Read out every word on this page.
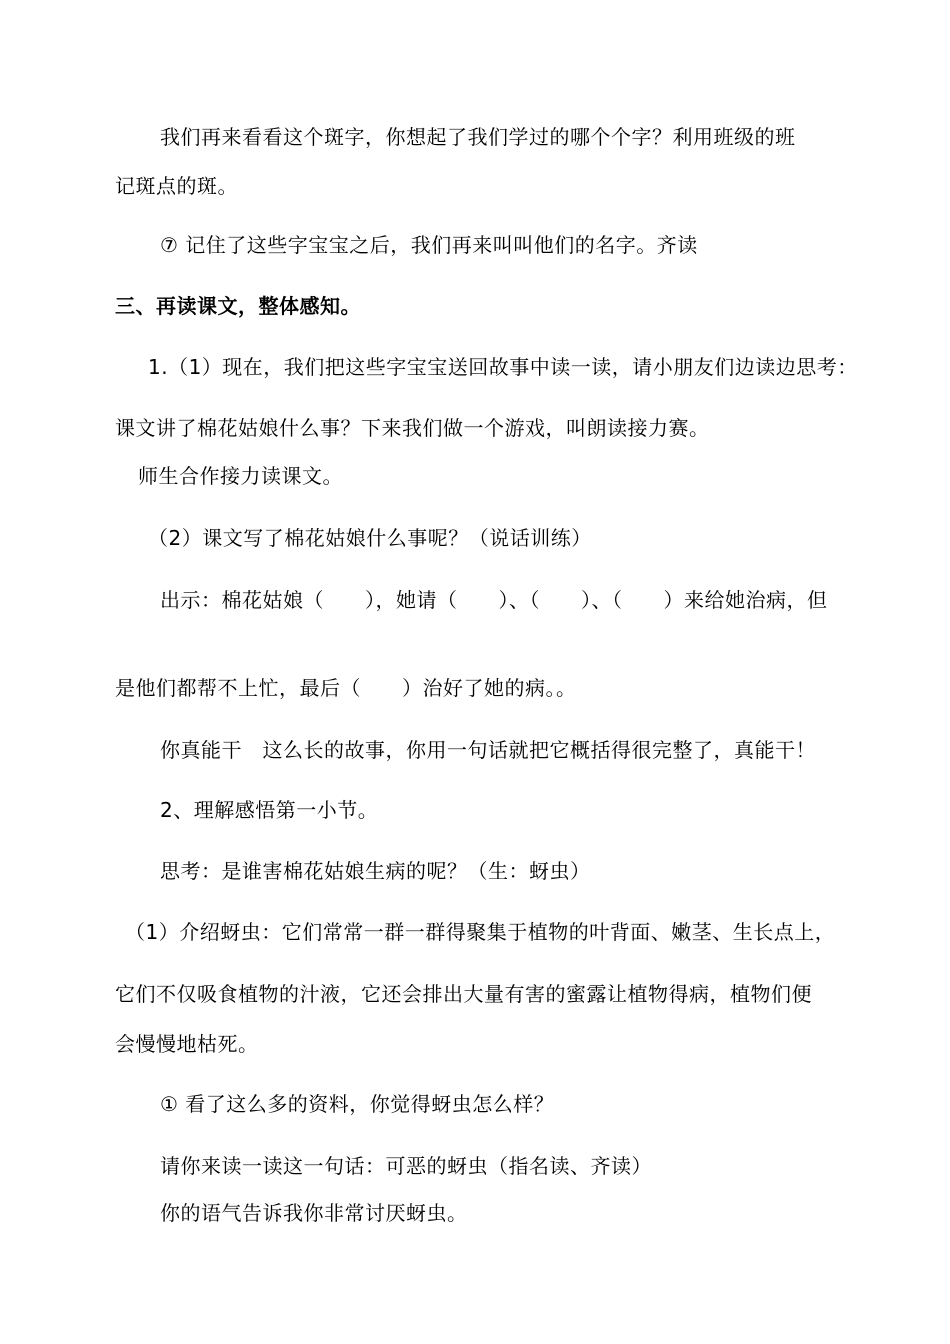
我们再来看看这个斑字，你想起了我们学过的哪个个字？利用班级的班
记斑点的斑。
⑦ 记住了这些字宝宝之后，我们再来叫叫他们的名字。齐读
三、再读课文，整体感知。
1.（1）现在，我们把这些字宝宝送回故事中读一读，请小朋友们边读边思考：
课文讲了棉花姑娘什么事？下来我们做一个游戏，叫朗读接力赛。
师生合作接力读课文。
（2）课文写了棉花姑娘什么事呢？（说话训练）
出示：棉花姑娘（　　），她请（　　）、（　　）、（　　）来给她治病，但
是他们都帮不上忙，最后（　　）治好了她的病。。
你真能干　这么长的故事，你用一句话就把它概括得很完整了，真能干！
2、理解感悟第一小节。
思考：是谁害棉花姑娘生病的呢？（生：蚜虫）
（1）介绍蚜虫：它们常常一群一群得聚集于植物的叶背面、嫩茎、生长点上，
它们不仅吸食植物的汁液，它还会排出大量有害的蜜露让植物得病，植物们便
会慢慢地枯死。
① 看了这么多的资料，你觉得蚜虫怎么样？
请你来读一读这一句话：可恶的蚜虫（指名读、齐读）
你的语气告诉我你非常讨厌蚜虫。
